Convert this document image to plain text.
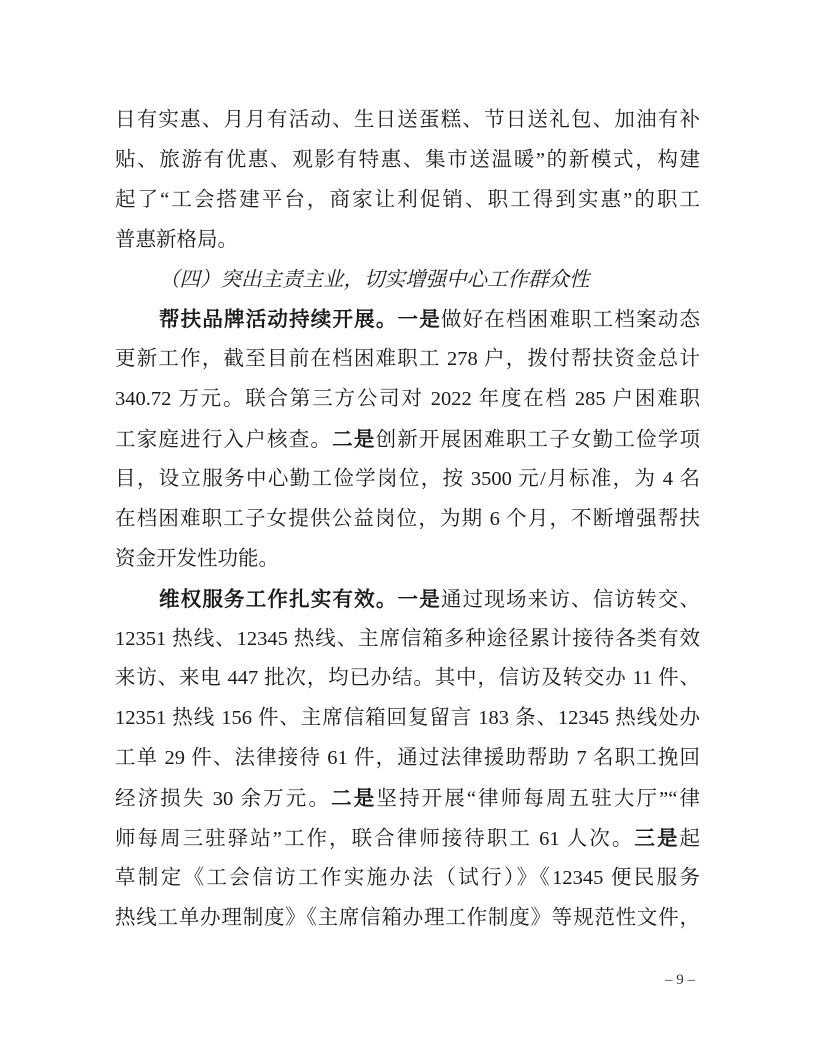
日有实惠、月月有活动、生日送蛋糕、节日送礼包、加油有补
贴、旅游有优惠、观影有特惠、集市送温暖”的新模式，构建
起了“工会搭建平台，商家让利促销、职工得到实惠”的职工
普惠新格局。
（四）突出主责主业，切实增强中心工作群众性
帮扶品牌活动持续开展。一是做好在档困难职工档案动态
更新工作，截至目前在档困难职工 278 户，拨付帮扶资金总计
340.72 万元。联合第三方公司对 2022 年度在档 285 户困难职
工家庭进行入户核查。二是创新开展困难职工子女勤工俭学项
目，设立服务中心勤工俭学岗位，按 3500 元/月标准，为 4 名
在档困难职工子女提供公益岗位，为期 6 个月，不断增强帮扶
资金开发性功能。
维权服务工作扎实有效。一是通过现场来访、信访转交、
12351 热线、12345 热线、主席信箱多种途径累计接待各类有效
来访、来电 447 批次，均已办结。其中，信访及转交办 11 件、
12351 热线 156 件、主席信箱回复留言 183 条、12345 热线处办
工单 29 件、法律接待 61 件，通过法律援助帮助 7 名职工挽回
经济损失 30 余万元。二是坚持开展“律师每周五驻大厅”“律
师每周三驻驿站”工作，联合律师接待职工 61 人次。三是起
草制定《工会信访工作实施办法（试行）》《12345 便民服务
热线工单办理制度》《主席信箱办理工作制度》等规范性文件，
– 9 –
